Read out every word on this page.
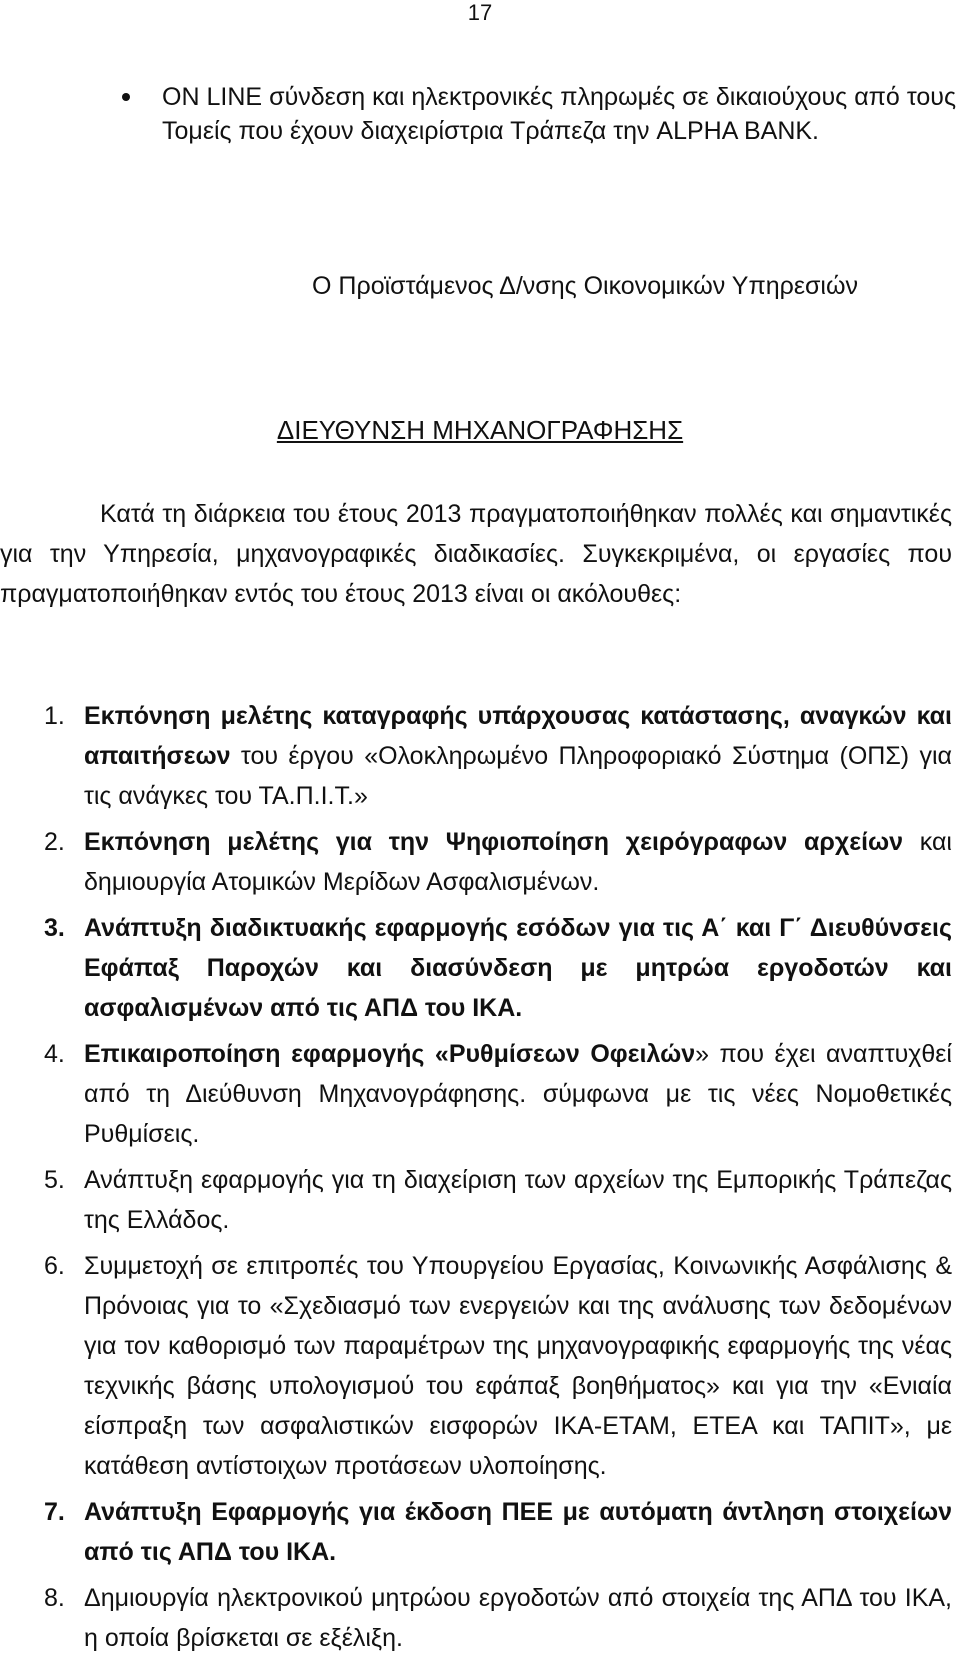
17
ON LINE σύνδεση και ηλεκτρονικές πληρωμές σε δικαιούχους από τους Τομείς που έχουν διαχειρίστρια Τράπεζα την ALPHA BANK.
Ο Προϊστάμενος Δ/νσης Οικονομικών Υπηρεσιών
ΔΙΕΥΘΥΝΣΗ ΜΗΧΑΝΟΓΡΑΦΗΣΗΣ
Κατά τη διάρκεια του έτους 2013 πραγματοποιήθηκαν πολλές και σημαντικές για την Υπηρεσία, μηχανογραφικές διαδικασίες. Συγκεκριμένα, οι εργασίες που πραγματοποιήθηκαν εντός του έτους 2013 είναι οι ακόλουθες:
1. Εκπόνηση μελέτης καταγραφής υπάρχουσας κατάστασης, αναγκών και απαιτήσεων του έργου «Ολοκληρωμένο Πληροφοριακό Σύστημα (ΟΠΣ) για τις ανάγκες του ΤΑ.Π.Ι.Τ.»
2. Εκπόνηση μελέτης για την Ψηφιοποίηση χειρόγραφων αρχείων και δημιουργία Ατομικών Μερίδων Ασφαλισμένων.
3. Ανάπτυξη διαδικτυακής εφαρμογής εσόδων για τις Α΄ και Γ΄ Διευθύνσεις Εφάπαξ Παροχών και διασύνδεση με μητρώα εργοδοτών και ασφαλισμένων από τις ΑΠΔ του ΙΚΑ.
4. Επικαιροποίηση εφαρμογής «Ρυθμίσεων Οφειλών» που έχει αναπτυχθεί από τη Διεύθυνση Μηχανογράφησης. σύμφωνα με τις νέες Νομοθετικές Ρυθμίσεις.
5. Ανάπτυξη εφαρμογής για τη διαχείριση των αρχείων της Εμπορικής Τράπεζας της Ελλάδος.
6. Συμμετοχή σε επιτροπές του Υπουργείου Εργασίας, Κοινωνικής Ασφάλισης & Πρόνοιας για το «Σχεδιασμό των ενεργειών και της ανάλυσης των δεδομένων για τον καθορισμό των παραμέτρων της μηχανογραφικής εφαρμογής της νέας τεχνικής βάσης υπολογισμού του εφάπαξ βοηθήματος» και για την «Ενιαία είσπραξη των ασφαλιστικών εισφορών ΙΚΑ-ΕΤΑΜ, ΕΤΕΑ και ΤΑΠΙΤ», με κατάθεση αντίστοιχων προτάσεων υλοποίησης.
7. Ανάπτυξη Εφαρμογής για έκδοση ΠΕΕ με αυτόματη άντληση στοιχείων από τις ΑΠΔ του ΙΚΑ.
8. Δημιουργία ηλεκτρονικού μητρώου εργοδοτών από στοιχεία της ΑΠΔ του ΙΚΑ, η οποία βρίσκεται σε εξέλιξη.
